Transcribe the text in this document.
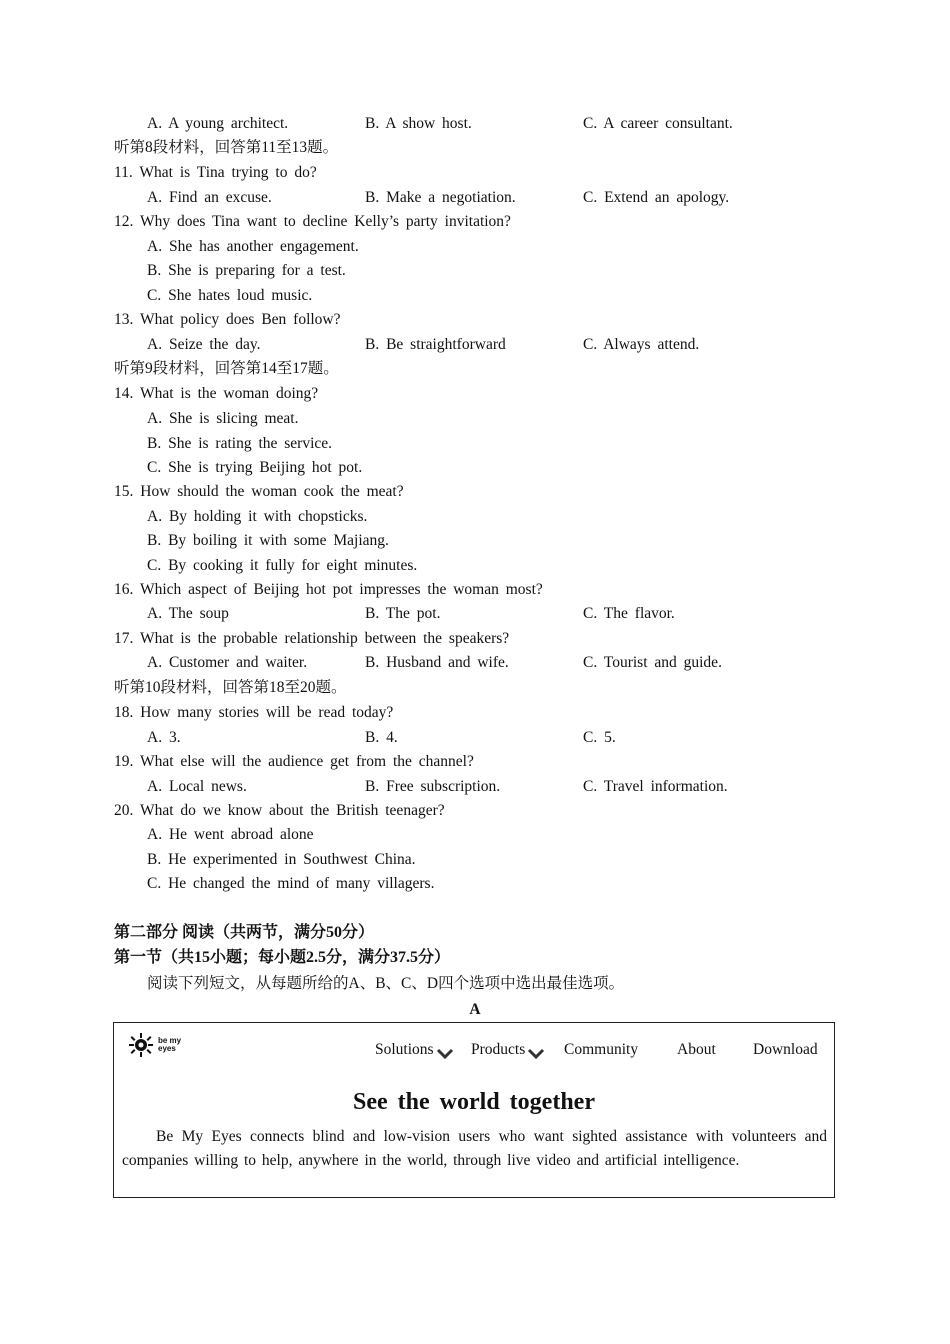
A. A young architect.	B. A show host.	C. A career consultant.
听第8段材料，回答第11至13题。
11. What is Tina trying to do?
A. Find an excuse.	B. Make a negotiation.	C. Extend an apology.
12. Why does Tina want to decline Kelly’s party invitation?
A. She has another engagement.
B. She is preparing for a test.
C. She hates loud music.
13. What policy does Ben follow?
A. Seize the day.	B. Be straightforward	C. Always attend.
听第9段材料，回答第14至17题。
14. What is the woman doing?
A. She is slicing meat.
B. She is rating the service.
C. She is trying Beijing hot pot.
15. How should the woman cook the meat?
A. By holding it with chopsticks.
B. By boiling it with some Majiang.
C. By cooking it fully for eight minutes.
16. Which aspect of Beijing hot pot impresses the woman most?
A. The soup	B. The pot.	C. The flavor.
17. What is the probable relationship between the speakers?
A. Customer and waiter.	B. Husband and wife.	C. Tourist and guide.
听第10段材料，回答第18至20题。
18. How many stories will be read today?
A. 3.	B. 4.	C. 5.
19. What else will the audience get from the channel?
A. Local news.	B. Free subscription.	C. Travel information.
20. What do we know about the British teenager?
A. He went abroad alone
B. He experimented in Southwest China.
C. He changed the mind of many villagers.
第二部分 阅读（共两节，满分50分）
第一节（共15小题；每小题2.5分，满分37.5分）
阅读下列短文，从每题所给的A、B、C、D四个选项中选出最佳选项。
A
be my
eyes	Solutions	Products	Community	About Download
See the world together
Be My Eyes connects blind and low-vision users who want sighted assistance with volunteers and companies willing to help, anywhere in the world, through live video and artificial intelligence.
